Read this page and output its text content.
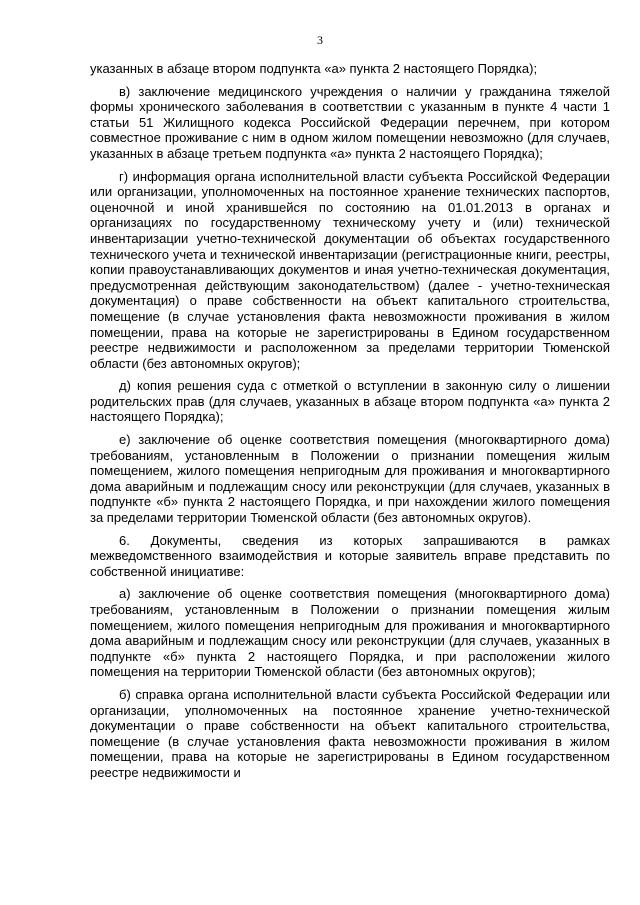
3

указанных в абзаце втором подпункта «а» пункта 2 настоящего Порядка);

в) заключение медицинского учреждения о наличии у гражданина тяжелой формы хронического заболевания в соответствии с указанным в пункте 4 части 1 статьи 51 Жилищного кодекса Российской Федерации перечнем, при котором совместное проживание с ним в одном жилом помещении невозможно (для случаев, указанных в абзаце третьем подпункта «а» пункта 2 настоящего Порядка);

г) информация органа исполнительной власти субъекта Российской Федерации или организации, уполномоченных на постоянное хранение технических паспортов, оценочной и иной хранившейся по состоянию на 01.01.2013 в органах и организациях по государственному техническому учету и (или) технической инвентаризации учетно-технической документации об объектах государственного технического учета и технической инвентаризации (регистрационные книги, реестры, копии правоустанавливающих документов и иная учетно-техническая документация, предусмотренная действующим законодательством) (далее - учетно-техническая документация) о праве собственности на объект капитального строительства, помещение (в случае установления факта невозможности проживания в жилом помещении, права на которые не зарегистрированы в Едином государственном реестре недвижимости и расположенном за пределами территории Тюменской области (без автономных округов);

д) копия решения суда с отметкой о вступлении в законную силу о лишении родительских прав (для случаев, указанных в абзаце втором подпункта «а» пункта 2 настоящего Порядка);

е) заключение об оценке соответствия помещения (многоквартирного дома) требованиям, установленным в Положении о признании помещения жилым помещением, жилого помещения непригодным для проживания и многоквартирного дома аварийным и подлежащим сносу или реконструкции (для случаев, указанных в подпункте «б» пункта 2 настоящего Порядка, и при нахождении жилого помещения за пределами территории Тюменской области (без автономных округов).

6. Документы, сведения из которых запрашиваются в рамках межведомственного взаимодействия и которые заявитель вправе представить по собственной инициативе:

а) заключение об оценке соответствия помещения (многоквартирного дома) требованиям, установленным в Положении о признании помещения жилым помещением, жилого помещения непригодным для проживания и многоквартирного дома аварийным и подлежащим сносу или реконструкции (для случаев, указанных в подпункте «б» пункта 2 настоящего Порядка, и при расположении жилого помещения на территории Тюменской области (без автономных округов);

б) справка органа исполнительной власти субъекта Российской Федерации или организации, уполномоченных на постоянное хранение учетно-технической документации о праве собственности на объект капитального строительства, помещение (в случае установления факта невозможности проживания в жилом помещении, права на которые не зарегистрированы в Едином государственном реестре недвижимости и
